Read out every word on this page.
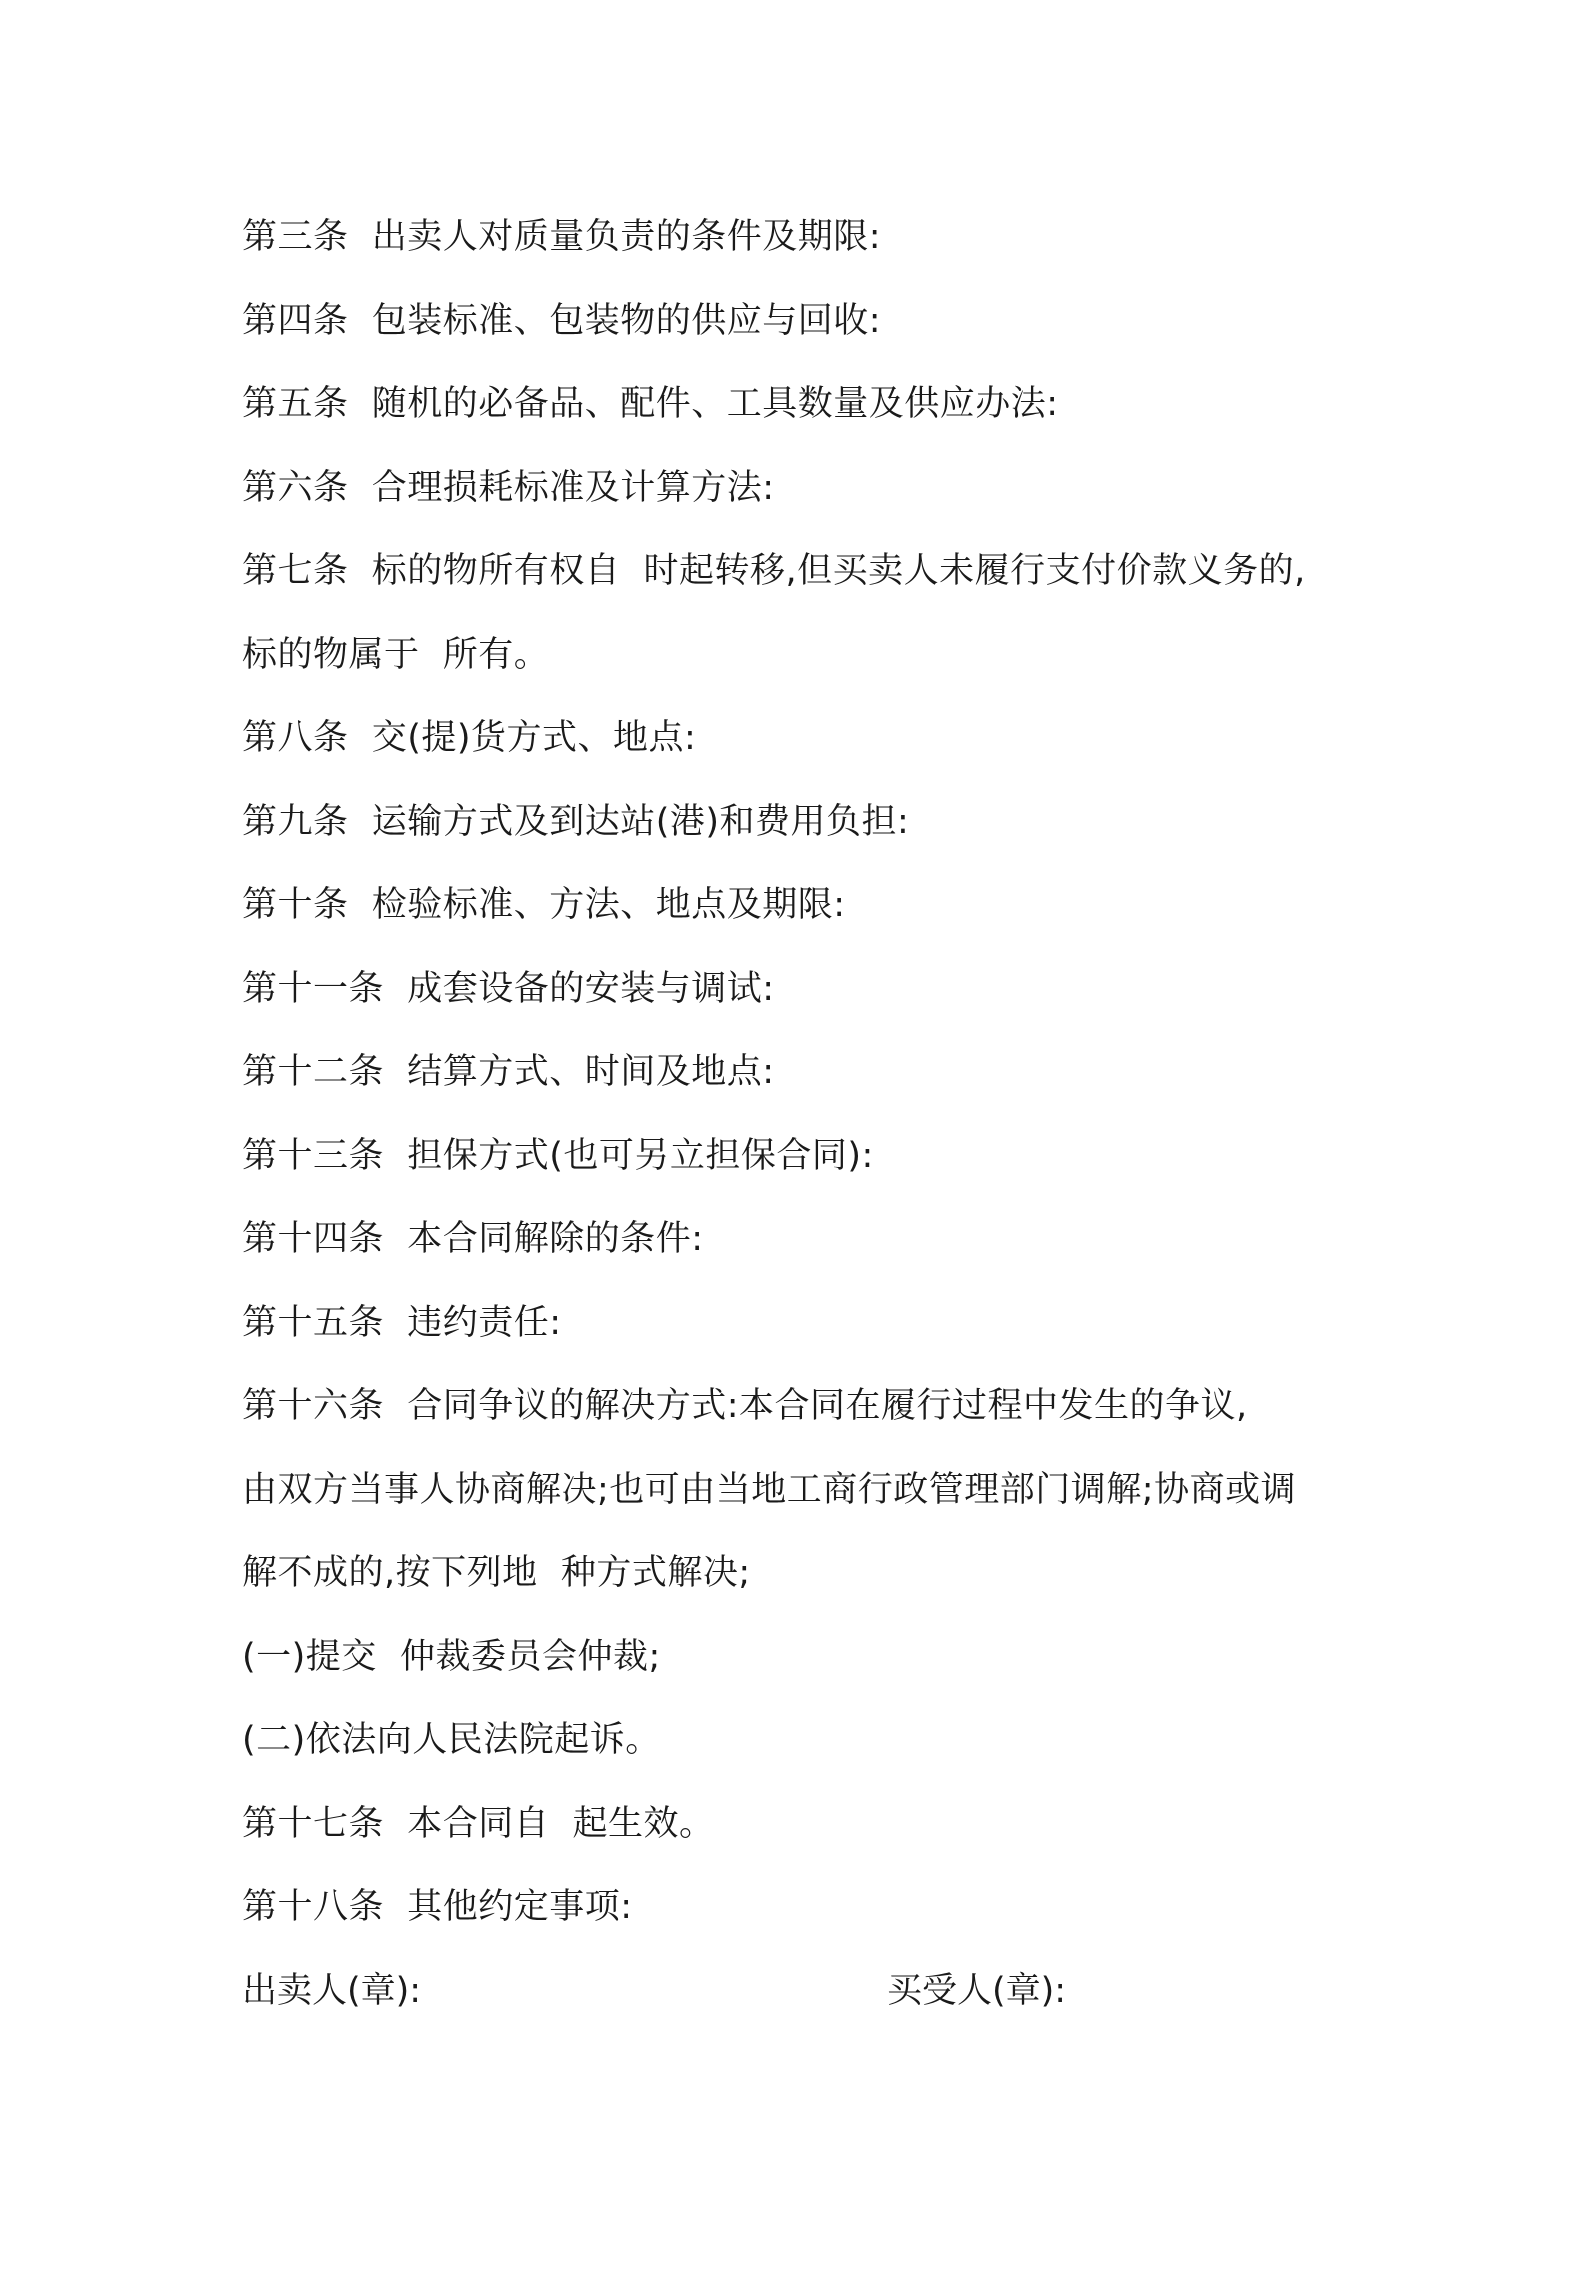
第三条  出卖人对质量负责的条件及期限:
第四条  包装标准、包装物的供应与回收:
第五条  随机的必备品、配件、工具数量及供应办法:
第六条  合理损耗标准及计算方法:
第七条  标的物所有权自  时起转移,但买卖人未履行支付价款义务的,
标的物属于  所有。
第八条  交(提)货方式、地点:
第九条  运输方式及到达站(港)和费用负担:
第十条  检验标准、方法、地点及期限:
第十一条  成套设备的安装与调试:
第十二条  结算方式、时间及地点:
第十三条  担保方式(也可另立担保合同):
第十四条  本合同解除的条件:
第十五条  违约责任:
第十六条  合同争议的解决方式:本合同在履行过程中发生的争议,
由双方当事人协商解决;也可由当地工商行政管理部门调解;协商或调
解不成的,按下列地  种方式解决;
(一)提交  仲裁委员会仲裁;
(二)依法向人民法院起诉。
第十七条  本合同自  起生效。
第十八条  其他约定事项:

出卖人(章):

	买受人(章):
